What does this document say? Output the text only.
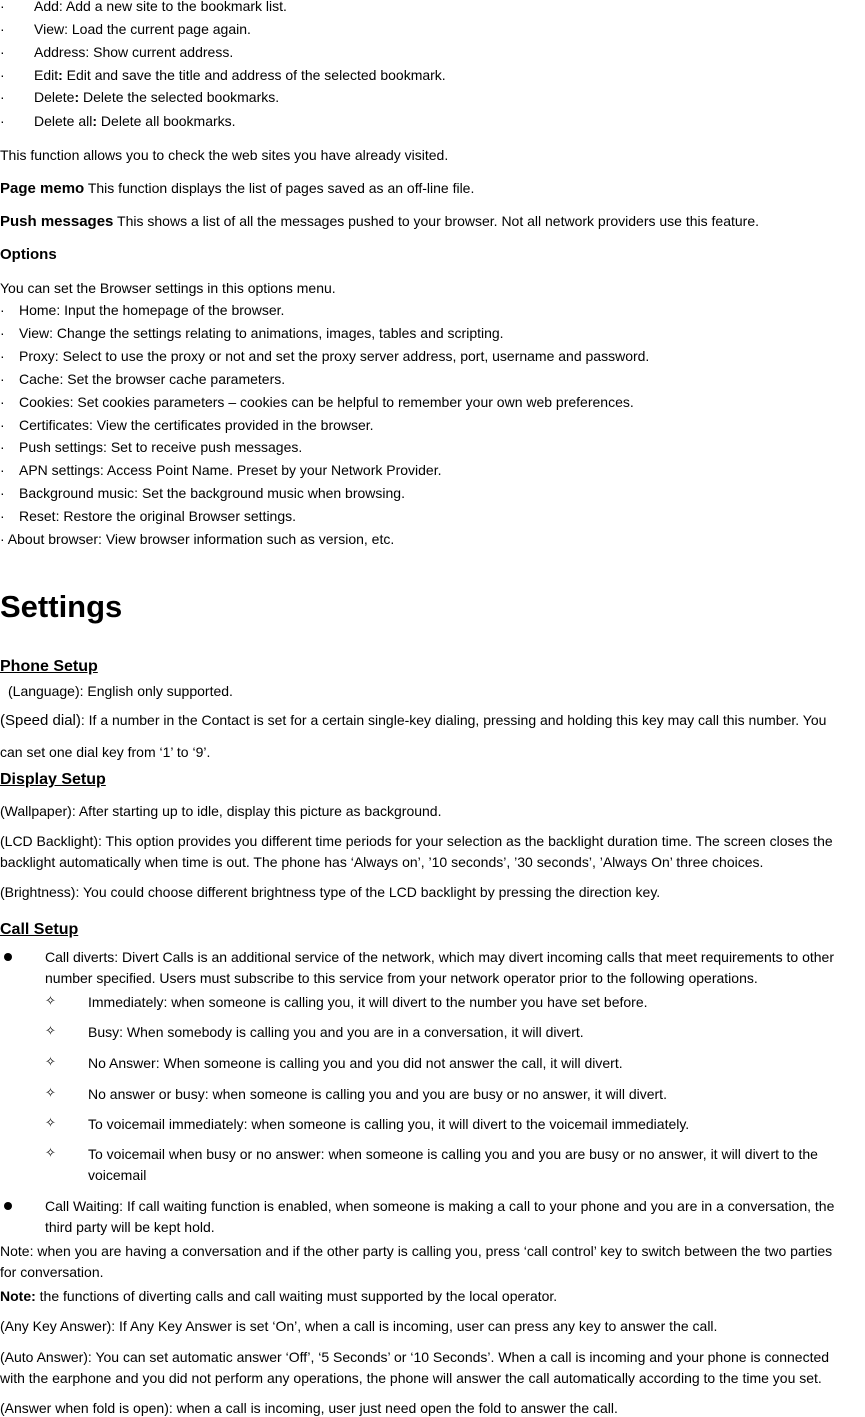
· Add: Add a new site to the bookmark list.
· View: Load the current page again.
· Address: Show current address.
· Edit: Edit and save the title and address of the selected bookmark.
· Delete: Delete the selected bookmarks.
· Delete all: Delete all bookmarks.
This function allows you to check the web sites you have already visited.
Page memo This function displays the list of pages saved as an off-line file.
Push messages This shows a list of all the messages pushed to your browser. Not all network providers use this feature.
Options
You can set the Browser settings in this options menu.
· Home: Input the homepage of the browser.
· View: Change the settings relating to animations, images, tables and scripting.
· Proxy: Select to use the proxy or not and set the proxy server address, port, username and password.
· Cache: Set the browser cache parameters.
· Cookies: Set cookies parameters – cookies can be helpful to remember your own web preferences.
· Certificates: View the certificates provided in the browser.
· Push settings: Set to receive push messages.
· APN settings: Access Point Name. Preset by your Network Provider.
· Background music: Set the background music when browsing.
· Reset: Restore the original Browser settings.
· About browser: View browser information such as version, etc.
Settings
Phone Setup
(Language): English only supported.
(Speed dial): If a number in the Contact is set for a certain single-key dialing, pressing and holding this key may call this number. You
can set one dial key from ‘1’ to ‘9’.
Display Setup
(Wallpaper): After starting up to idle, display this picture as background.
(LCD Backlight): This option provides you different time periods for your selection as the backlight duration time. The screen closes the
backlight automatically when time is out. The phone has ‘Always on’, ’10 seconds’, ’30 seconds’, ’Always On’ three choices.
(Brightness): You could choose different brightness type of the LCD backlight by pressing the direction key.
Call Setup
Call diverts: Divert Calls is an additional service of the network, which may divert incoming calls that meet requirements to other
number specified. Users must subscribe to this service from your network operator prior to the following operations.
✧ Immediately: when someone is calling you, it will divert to the number you have set before.
✧ Busy: When somebody is calling you and you are in a conversation, it will divert.
✧ No Answer: When someone is calling you and you did not answer the call, it will divert.
✧ No answer or busy: when someone is calling you and you are busy or no answer, it will divert.
✧ To voicemail immediately: when someone is calling you, it will divert to the voicemail immediately.
✧ To voicemail when busy or no answer: when someone is calling you and you are busy or no answer, it will divert to the
voicemail
Call Waiting: If call waiting function is enabled, when someone is making a call to your phone and you are in a conversation, the
third party will be kept hold.
Note: when you are having a conversation and if the other party is calling you, press ‘call control’ key to switch between the two parties
for conversation.
Note: the functions of diverting calls and call waiting must supported by the local operator.
(Any Key Answer): If Any Key Answer is set ‘On’, when a call is incoming, user can press any key to answer the call.
(Auto Answer): You can set automatic answer ‘Off’, ‘5 Seconds’ or ‘10 Seconds’. When a call is incoming and your phone is connected
with the earphone and you did not perform any operations, the phone will answer the call automatically according to the time you set.
(Answer when fold is open): when a call is incoming, user just need open the fold to answer the call.
